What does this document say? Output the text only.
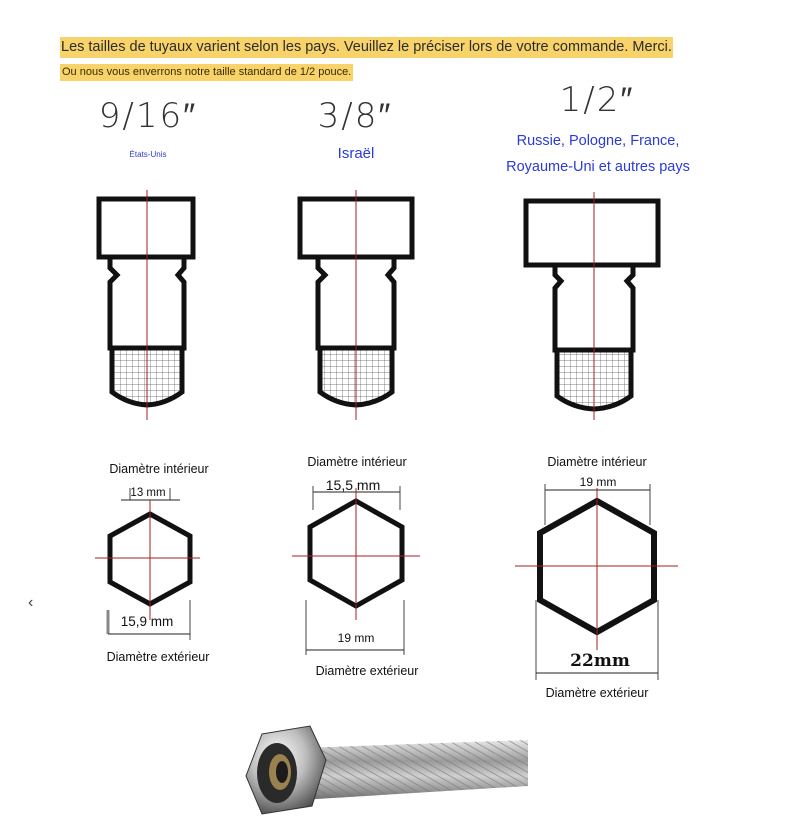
Les tailles de tuyaux varient selon les pays. Veuillez le préciser lors de votre commande. Merci.
Ou nous vous enverrons notre taille standard de 1/2 pouce.
9/16″	3/8″	1/2″
États-Unis	Israël
Russie, Pologne, France,
Royaume-Uni et autres pays
Diamètre intérieur
13 mm
15,9 mm
Diamètre extérieur
Diamètre intérieur
15,5 mm
19 mm
Diamètre extérieur
Diamètre intérieur
19 mm
22mm
Diamètre extérieur
‹
